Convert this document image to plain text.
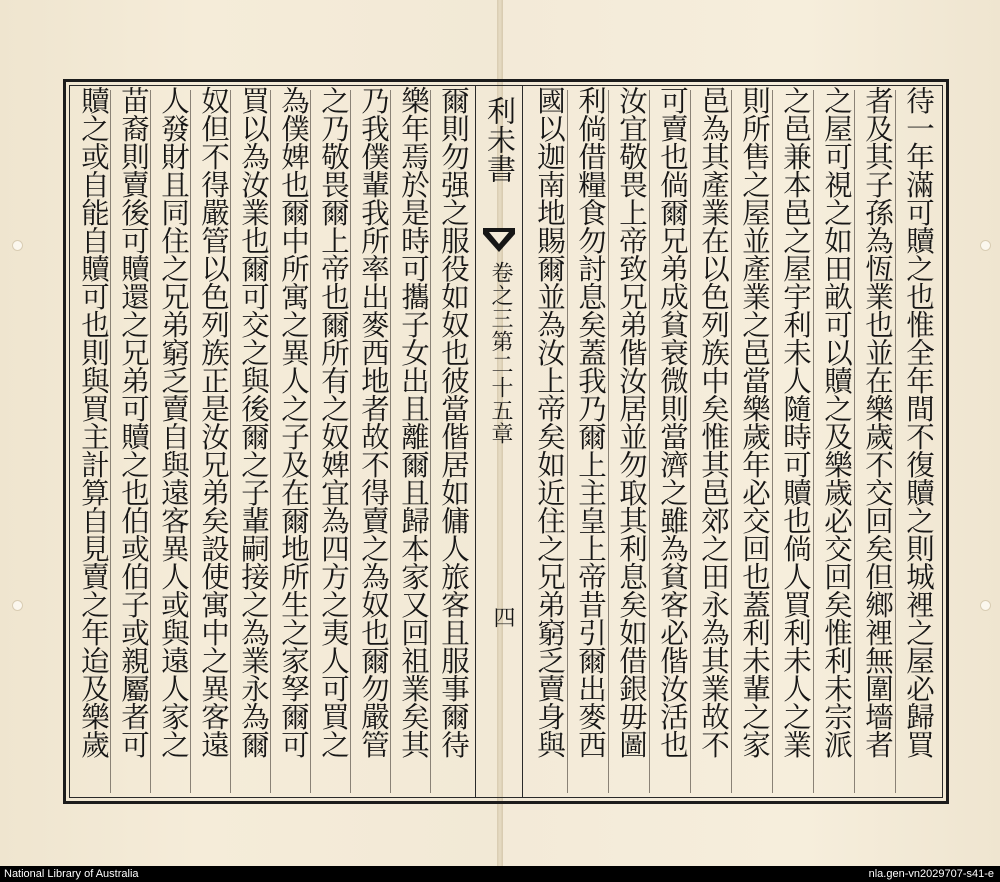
待一年滿可贖之也惟全年間不復贖之則城裡之屋必歸買
者及其子孫為恆業也並在樂歲不交回矣但鄉裡無圍墻者
之屋可視之如田畝可以贖之及樂歲必交回矣惟利未宗派
之邑兼本邑之屋宇利未人隨時可贖也倘人買利未人之業
則所售之屋並產業之邑當樂歲年必交回也蓋利未輩之家
邑為其產業在以色列族中矣惟其邑郊之田永為其業故不
可賣也倘爾兄弟成貧衰微則當濟之雖為貧客必偕汝活也
汝宜敬畏上帝致兄弟偕汝居並勿取其利息矣如借銀毋圖
利倘借糧食勿討息矣蓋我乃爾上主皇上帝昔引爾出麥西
國以迦南地賜爾並為汝上帝矣如近住之兄弟窮乏賣身與
利未書
卷之三第二十五章
四
爾則勿强之服役如奴也彼當偕居如傭人旅客且服事爾待
樂年焉於是時可攜子女出且離爾且歸本家又回祖業矣其
乃我僕輩我所率出麥西地者故不得賣之為奴也爾勿嚴管
之乃敬畏爾上帝也爾所有之奴婢宜為四方之夷人可買之
為僕婢也爾中所寓之異人之子及在爾地所生之家孥爾可
買以為汝業也爾可交之與後爾之子輩嗣接之為業永為爾
奴但不得嚴管以色列族正是汝兄弟矣設使寓中之異客遠
人發財且同住之兄弟窮乏賣自與遠客異人或與遠人家之
苗裔則賣後可贖還之兄弟可贖之也伯或伯子或親屬者可
贖之或自能自贖可也則與買主計算自見賣之年迨及樂歲
National Library of Australia	nla.gen-vn2029707-s41-e
